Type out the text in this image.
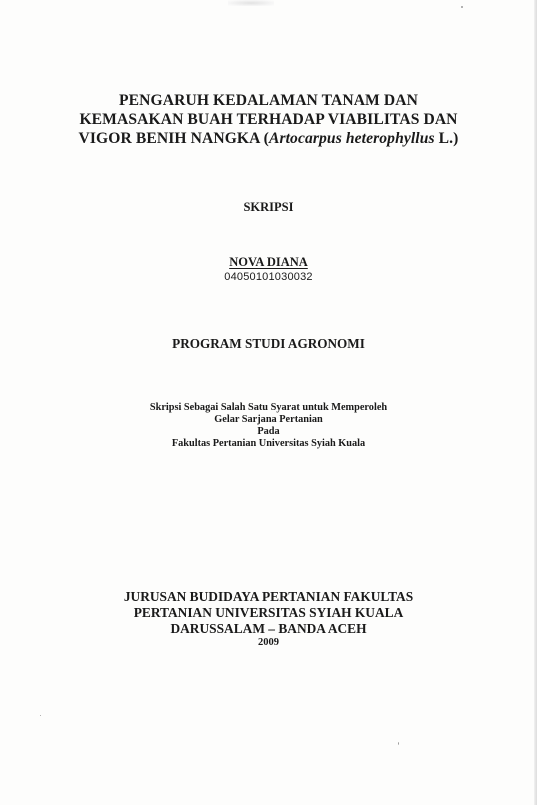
PENGARUH KEDALAMAN TANAM DAN
KEMASAKAN BUAH TERHADAP VIABILITAS DAN
VIGOR BENIH NANGKA (Artocarpus heterophyllus L.)
SKRIPSI
NOVA DIANA
04050101030032
PROGRAM STUDI AGRONOMI
Skripsi Sebagai Salah Satu Syarat untuk Memperoleh
Gelar Sarjana Pertanian
Pada
Fakultas Pertanian Universitas Syiah Kuala
JURUSAN BUDIDAYA PERTANIAN FAKULTAS
PERTANIAN UNIVERSITAS SYIAH KUALA
DARUSSALAM – BANDA ACEH
2009
